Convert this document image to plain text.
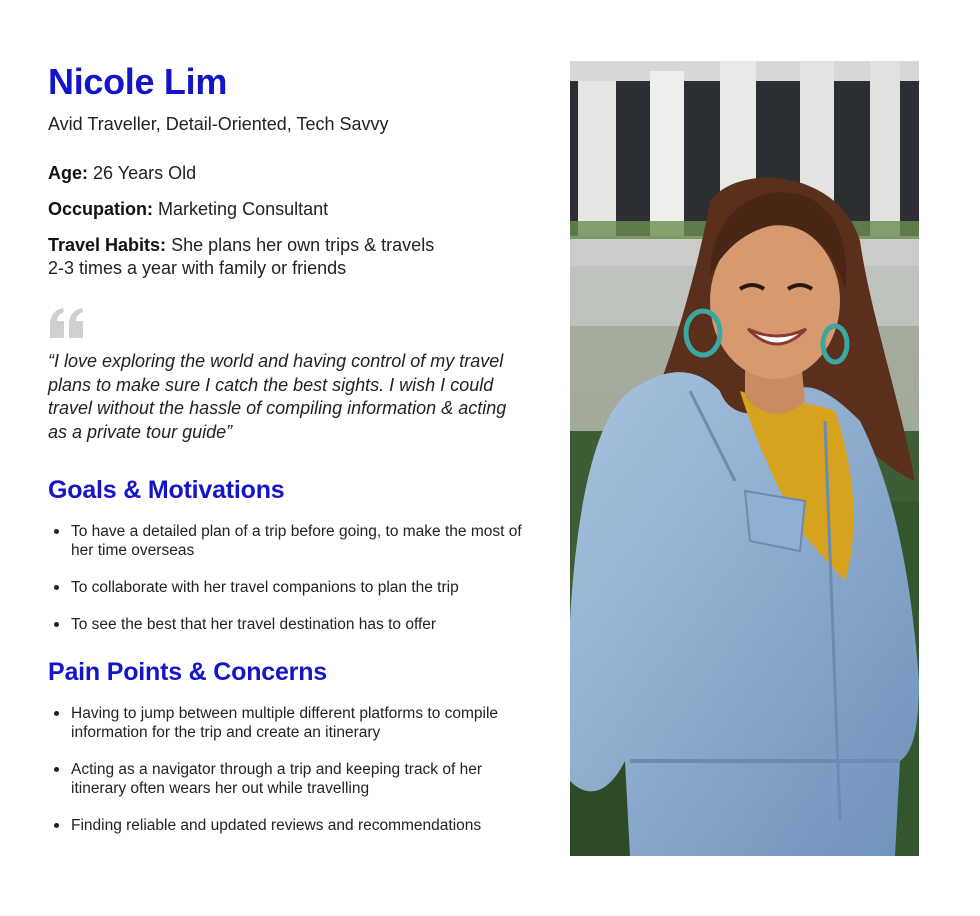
Nicole Lim

Avid Traveller, Detail-Oriented, Tech Savvy

Age: 26 Years Old

Occupation: Marketing Consultant

Travel Habits: She plans her own trips & travels 2-3 times a year with family or friends

“I love exploring the world and having control of my travel plans to make sure I catch the best sights. I wish I could travel without the hassle of compiling information & acting as a private tour guide”

Goals & Motivations
To have a detailed plan of a trip before going, to make the most of her time overseas
To collaborate with her travel companions to plan the trip
To see the best that her travel destination has to offer
Pain Points & Concerns
Having to jump between multiple different platforms to compile information for the trip and create an itinerary
Acting as a navigator through a trip and keeping track of her itinerary often wears her out while travelling
Finding reliable and updated reviews and recommendations
